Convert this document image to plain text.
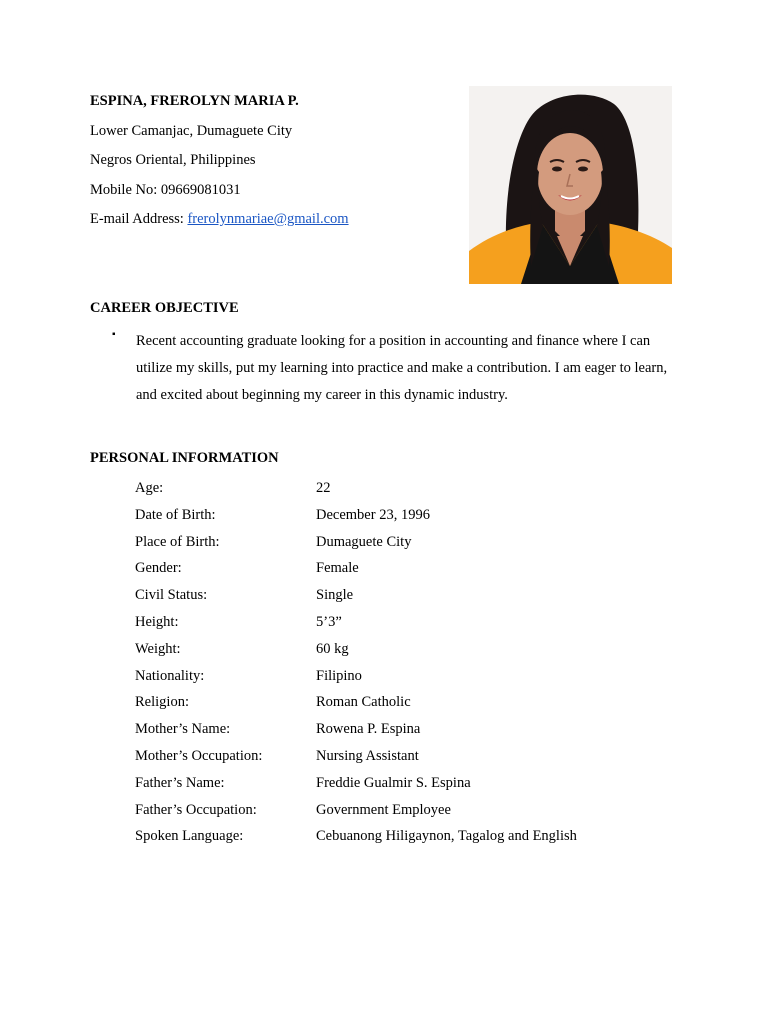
ESPINA, FREROLYN MARIA P.
Lower Camanjac, Dumaguete City
Negros Oriental, Philippines
Mobile No: 09669081031
E-mail Address: frerolynmariae@gmail.com
CAREER OBJECTIVE
▪ Recent accounting graduate looking for a position in accounting and finance where I can utilize my skills, put my learning into practice and make a contribution. I am eager to learn, and excited about beginning my career in this dynamic industry.

PERSONAL INFORMATION
Age:	22
Date of Birth:	December 23, 1996
Place of Birth:	Dumaguete City
Gender:	Female
Civil Status:	Single
Height:	5’3”
Weight:	60 kg
Nationality:	Filipino
Religion:	Roman Catholic
Mother’s Name:	Rowena P. Espina
Mother’s Occupation:	Nursing Assistant
Father’s Name:	Freddie Gualmir S. Espina
Father’s Occupation:	Government Employee
Spoken Language:	Cebuanong Hiligaynon, Tagalog and English
